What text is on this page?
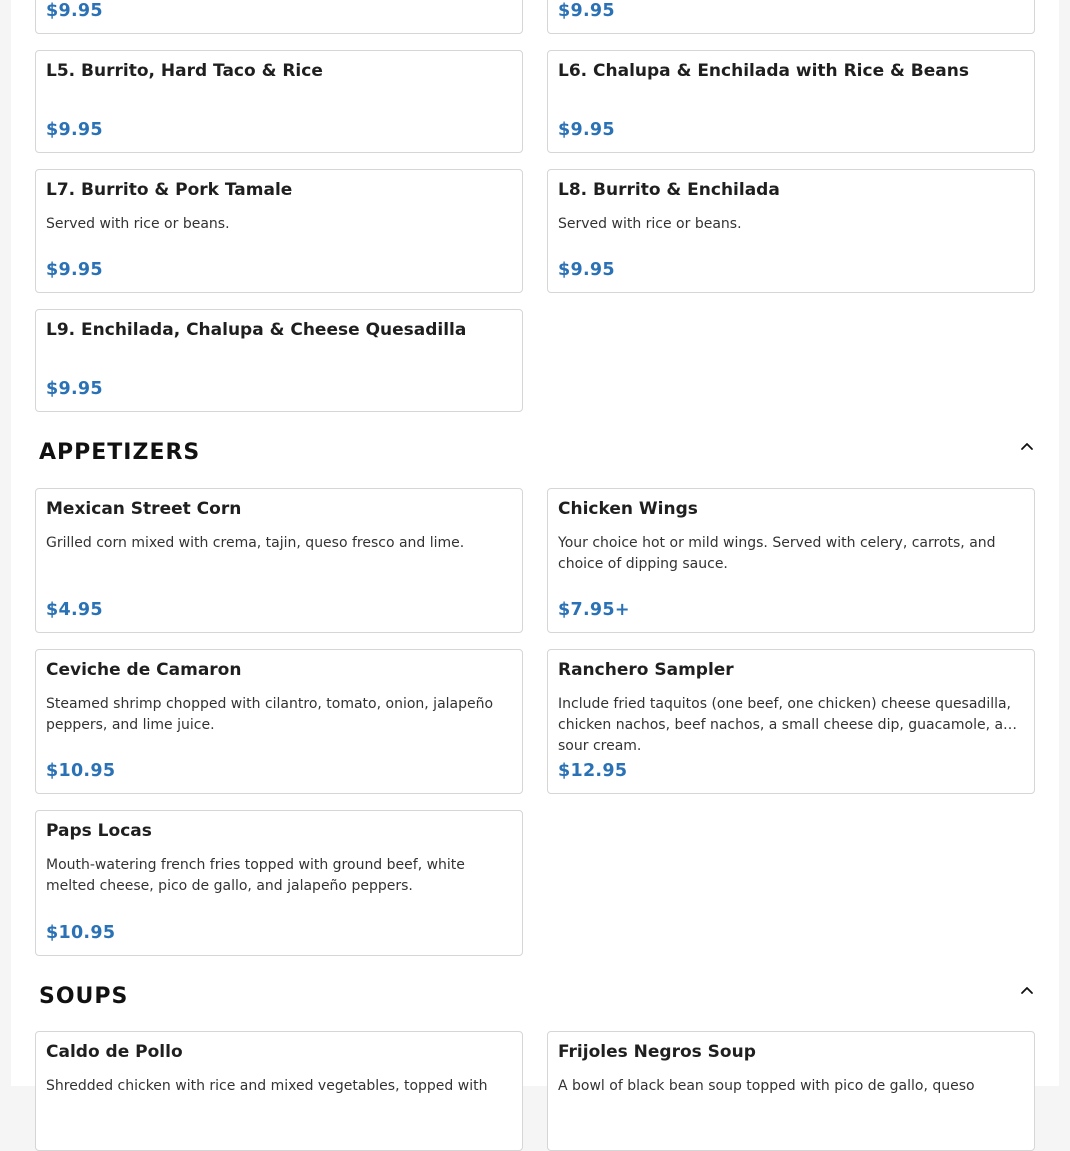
$9.95	$9.95
L5. Burrito, Hard Taco & Rice
$9.95
L6. Chalupa & Enchilada with Rice & Beans
$9.95
L7. Burrito & Pork Tamale
Served with rice or beans.
$9.95
L8. Burrito & Enchilada
Served with rice or beans.
$9.95
L9. Enchilada, Chalupa & Cheese Quesadilla
$9.95
APPETIZERS
Mexican Street Corn
Grilled corn mixed with crema, tajin, queso fresco and lime.
$4.95
Chicken Wings
Your choice hot or mild wings. Served with celery, carrots, and choice of dipping sauce.
$7.95+
Ceviche de Camaron
Steamed shrimp chopped with cilantro, tomato, onion, jalapeño peppers, and lime juice.
$10.95
Ranchero Sampler
Include fried taquitos (one beef, one chicken) cheese quesadilla, chicken nachos, beef nachos, a small cheese dip, guacamole, and sour cream.
$12.95
Paps Locas
Mouth-watering french fries topped with ground beef, white melted cheese, pico de gallo, and jalapeño peppers.
$10.95
SOUPS
Caldo de Pollo
Shredded chicken with rice and mixed vegetables, topped with
Frijoles Negros Soup
A bowl of black bean soup topped with pico de gallo, queso
